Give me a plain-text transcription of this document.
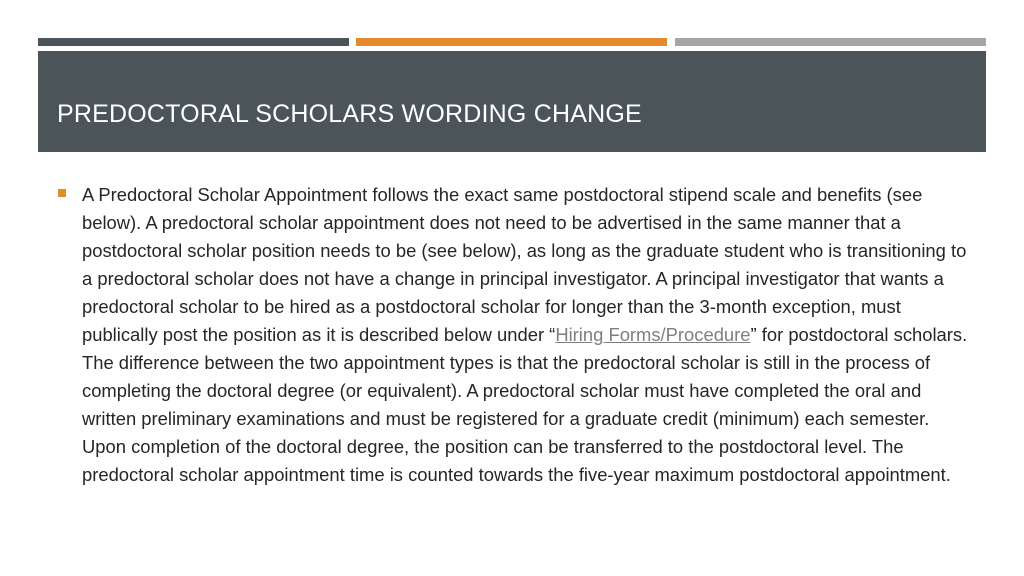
PREDOCTORAL SCHOLARS WORDING CHANGE

A Predoctoral Scholar Appointment follows the exact same postdoctoral stipend scale and benefits (see below). A predoctoral scholar appointment does not need to be advertised in the same manner that a postdoctoral scholar position needs to be (see below), as long as the graduate student who is transitioning to a predoctoral scholar does not have a change in principal investigator. A principal investigator that wants a predoctoral scholar to be hired as a postdoctoral scholar for longer than the 3-month exception, must publically post the position as it is described below under “Hiring Forms/Procedure” for postdoctoral scholars. The difference between the two appointment types is that the predoctoral scholar is still in the process of completing the doctoral degree (or equivalent). A predoctoral scholar must have completed the oral and written preliminary examinations and must be registered for a graduate credit (minimum) each semester. Upon completion of the doctoral degree, the position can be transferred to the postdoctoral level. The predoctoral scholar appointment time is counted towards the five-year maximum postdoctoral appointment.
